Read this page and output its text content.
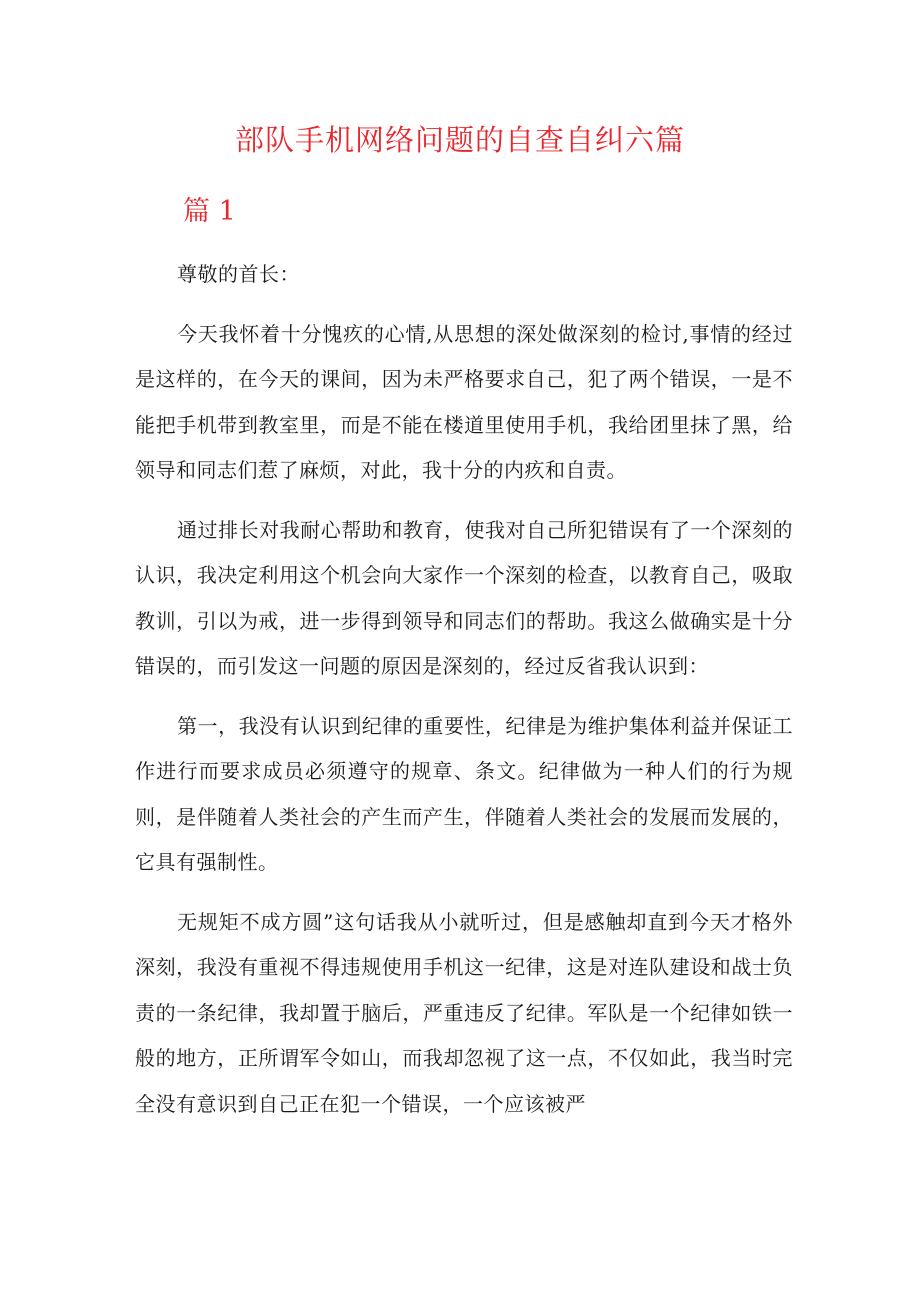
部队手机网络问题的自查自纠六篇
篇 1

尊敬的首长：

今天我怀着十分愧疚的心情,从思想的深处做深刻的检讨,事情的经过是这样的，在今天的课间，因为未严格要求自己，犯了两个错误，一是不能把手机带到教室里，而是不能在楼道里使用手机，我给团里抹了黑，给领导和同志们惹了麻烦，对此，我十分的内疚和自责。

通过排长对我耐心帮助和教育，使我对自己所犯错误有了一个深刻的认识，我决定利用这个机会向大家作一个深刻的检查，以教育自己，吸取教训，引以为戒，进一步得到领导和同志们的帮助。我这么做确实是十分错误的，而引发这一问题的原因是深刻的，经过反省我认识到：

第一，我没有认识到纪律的重要性，纪律是为维护集体利益并保证工作进行而要求成员必须遵守的规章、条文。纪律做为一种人们的行为规则，是伴随着人类社会的产生而产生，伴随着人类社会的发展而发展的，它具有强制性。

无规矩不成方圆”这句话我从小就听过，但是感触却直到今天才格外深刻，我没有重视不得违规使用手机这一纪律，这是对连队建设和战士负责的一条纪律，我却置于脑后，严重违反了纪律。军队是一个纪律如铁一般的地方，正所谓军令如山，而我却忽视了这一点，不仅如此，我当时完全没有意识到自己正在犯一个错误，一个应该被严
